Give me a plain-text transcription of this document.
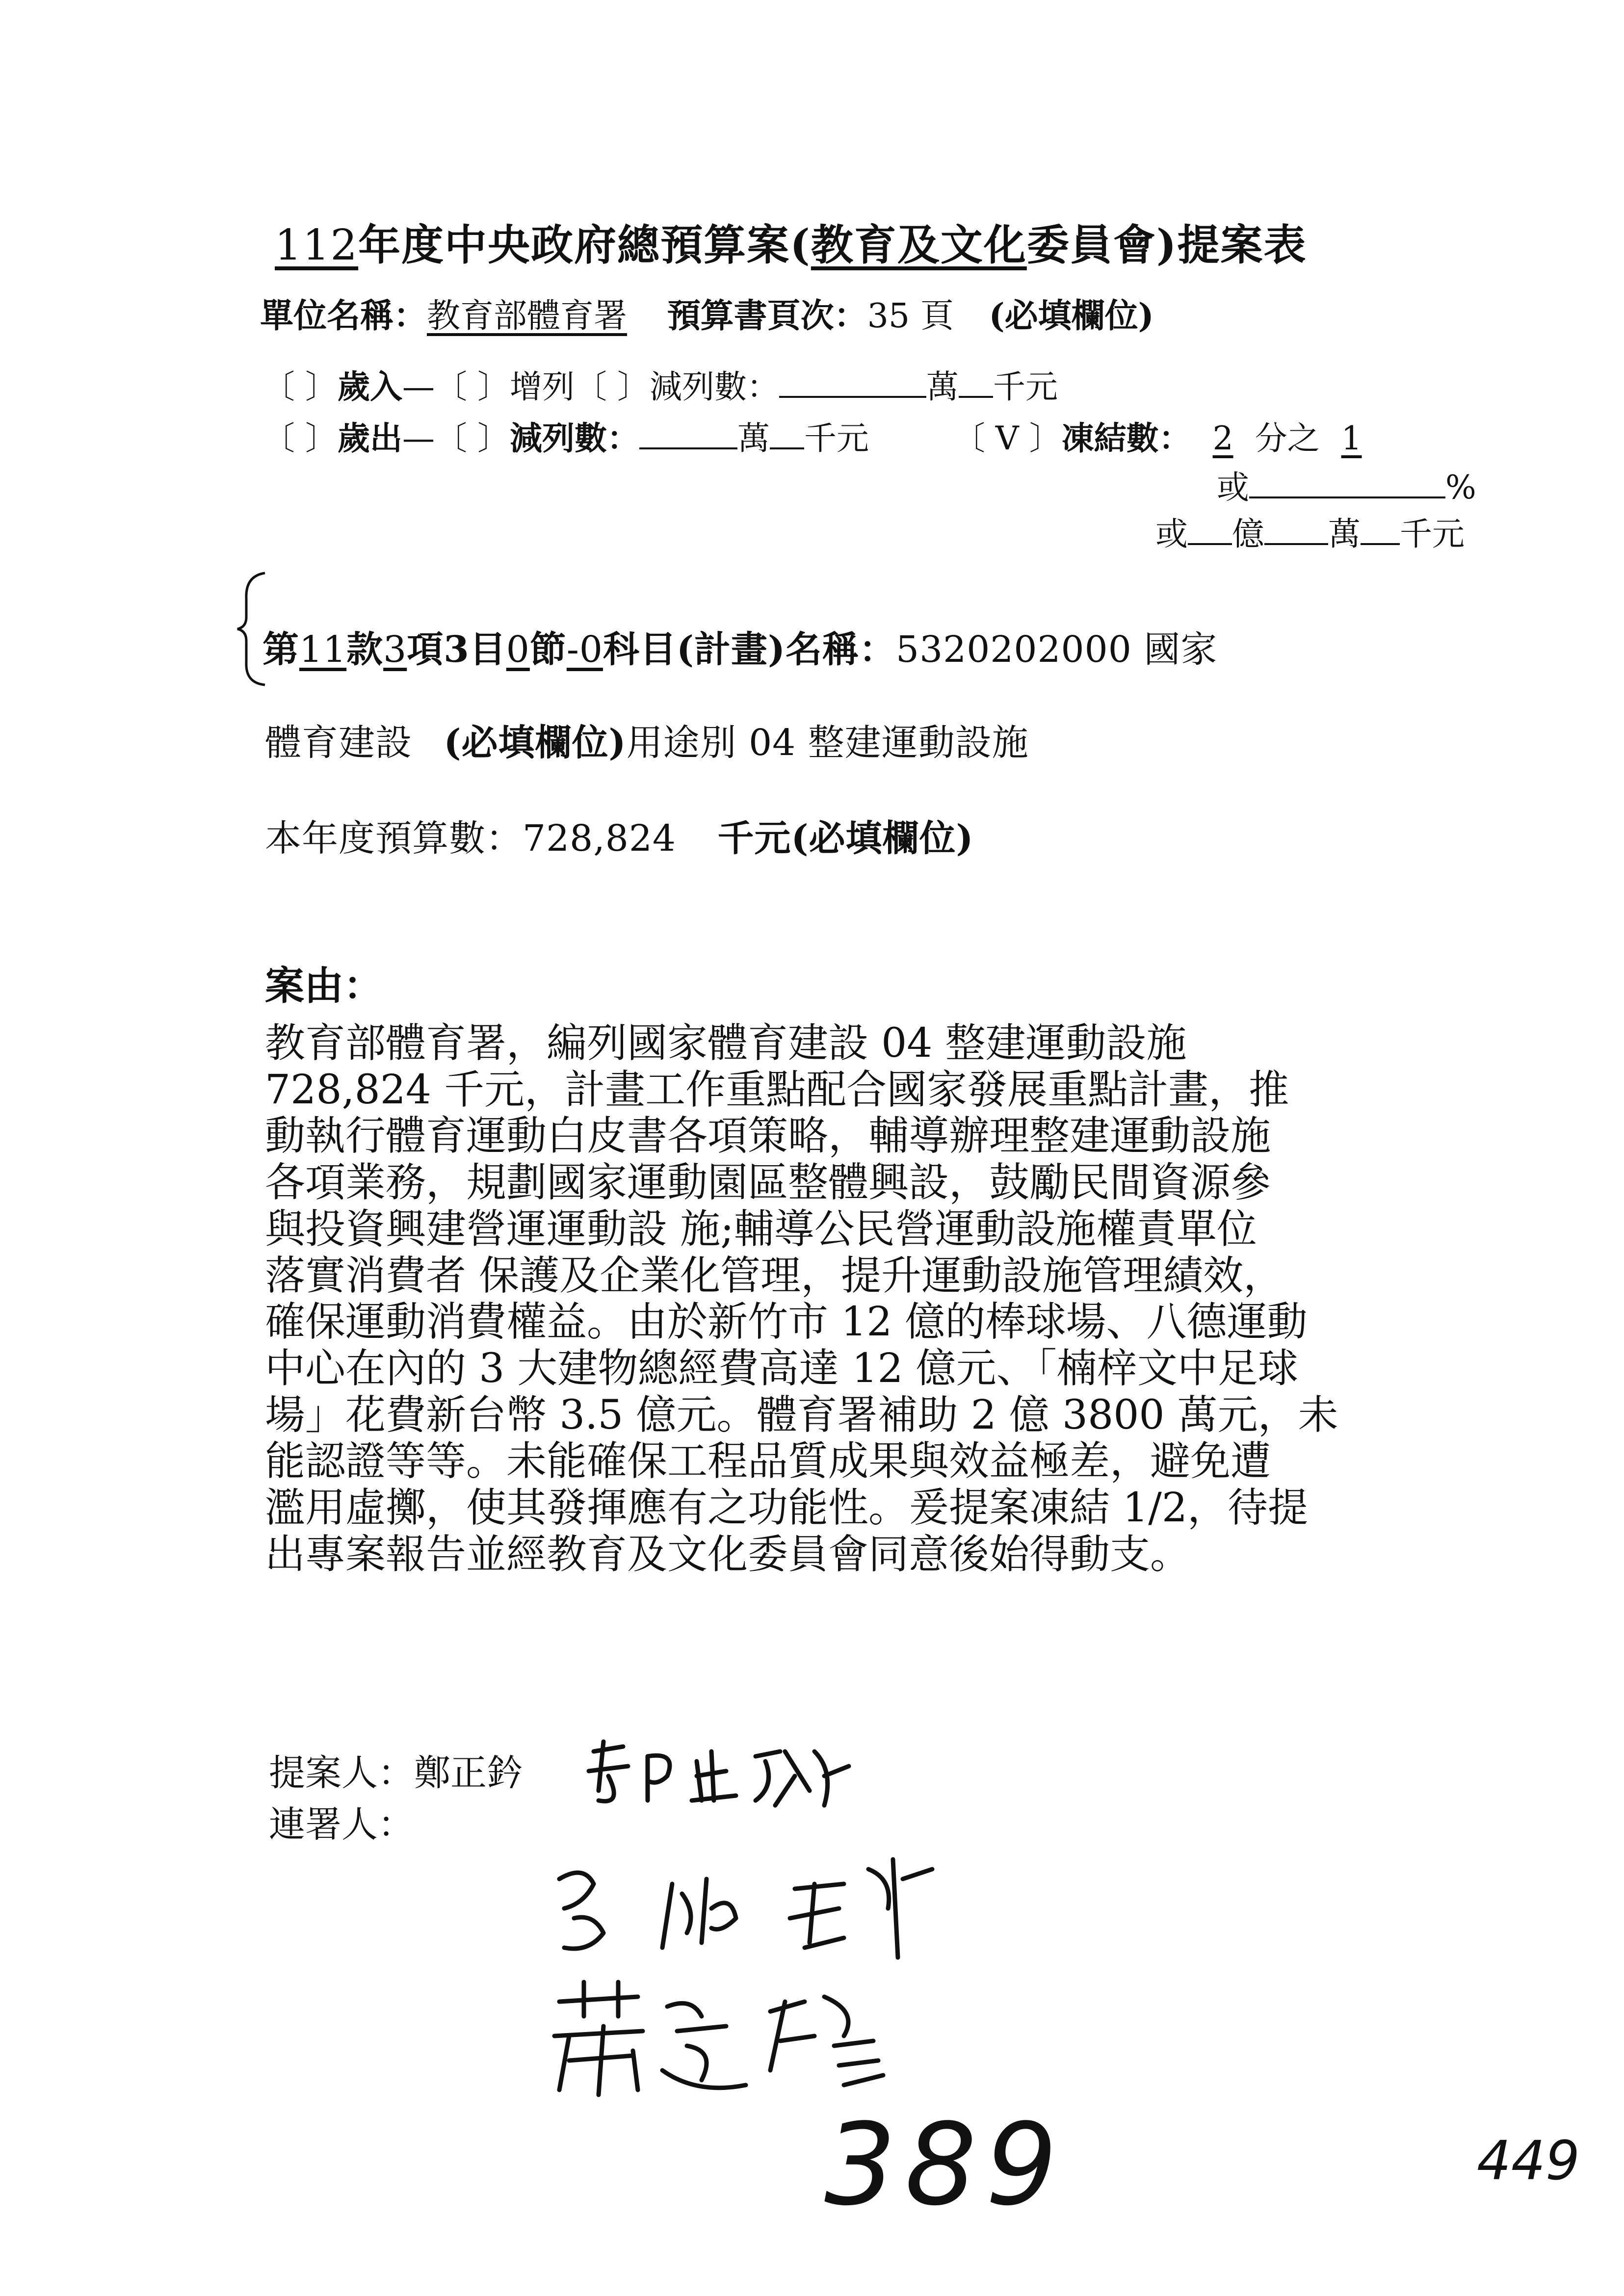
112年度中央政府總預算案(教育及文化委員會)提案表
單位名稱：教育部體育署 預算書頁次：35 頁 (必填欄位)
〔 〕歲入—〔 〕增列〔 〕減列數：	萬 千元
〔 〕歲出—〔 〕減列數：	萬 千元	〔 V 〕凍結數： 2 分之 1
或	%
或 億 萬 千元
第11款3項3目0節-0科目(計畫)名稱：5320202000 國家
體育建設 (必填欄位)用途別 04 整建運動設施
本年度預算數：728,824 千元(必填欄位)
案由：
教育部體育署，編列國家體育建設 04 整建運動設施
728,824 千元，計畫工作重點配合國家發展重點計畫，推
動執行體育運動白皮書各項策略，輔導辦理整建運動設施
各項業務，規劃國家運動園區整體興設，鼓勵民間資源參
與投資興建營運運動設 施;輔導公民營運動設施權責單位
落實消費者 保護及企業化管理，提升運動設施管理績效，
確保運動消費權益。由於新竹市 12 億的棒球場、八德運動
中心在內的 3 大建物總經費高達 12 億元、「楠梓文中足球
場」花費新台幣 3.5 億元。體育署補助 2 億 3800 萬元，未
能認證等等。未能確保工程品質成果與效益極差，避免遭
濫用虛擲，使其發揮應有之功能性。爰提案凍結 1/2，待提
出專案報告並經教育及文化委員會同意後始得動支。
提案人：鄭正鈐
連署人：
389	449
